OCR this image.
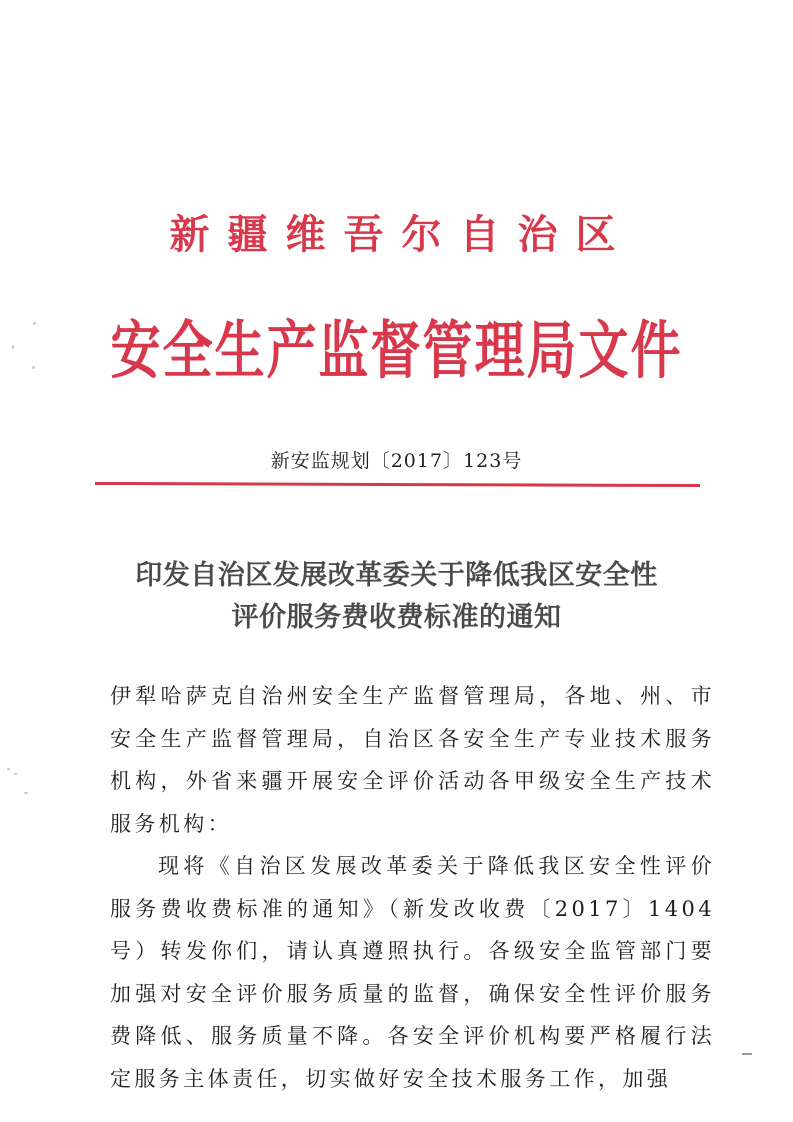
新疆维吾尔自治区
安全生产监督管理局文件
新安监规划〔2017〕123号
印发自治区发展改革委关于降低我区安全性
评价服务费收费标准的通知

伊犁哈萨克自治州安全生产监督管理局，各地、州、市安全生产监督管理局，自治区各安全生产专业技术服务机构，外省来疆开展安全评价活动各甲级安全生产技术服务机构：

现将《自治区发展改革委关于降低我区安全性评价服务费收费标准的通知》（新发改收费〔2017〕1404号）转发你们，请认真遵照执行。各级安全监管部门要加强对安全评价服务质量的监督，确保安全性评价服务费降低、服务质量不降。各安全评价机构要严格履行法定服务主体责任，切实做好安全技术服务工作，加强
